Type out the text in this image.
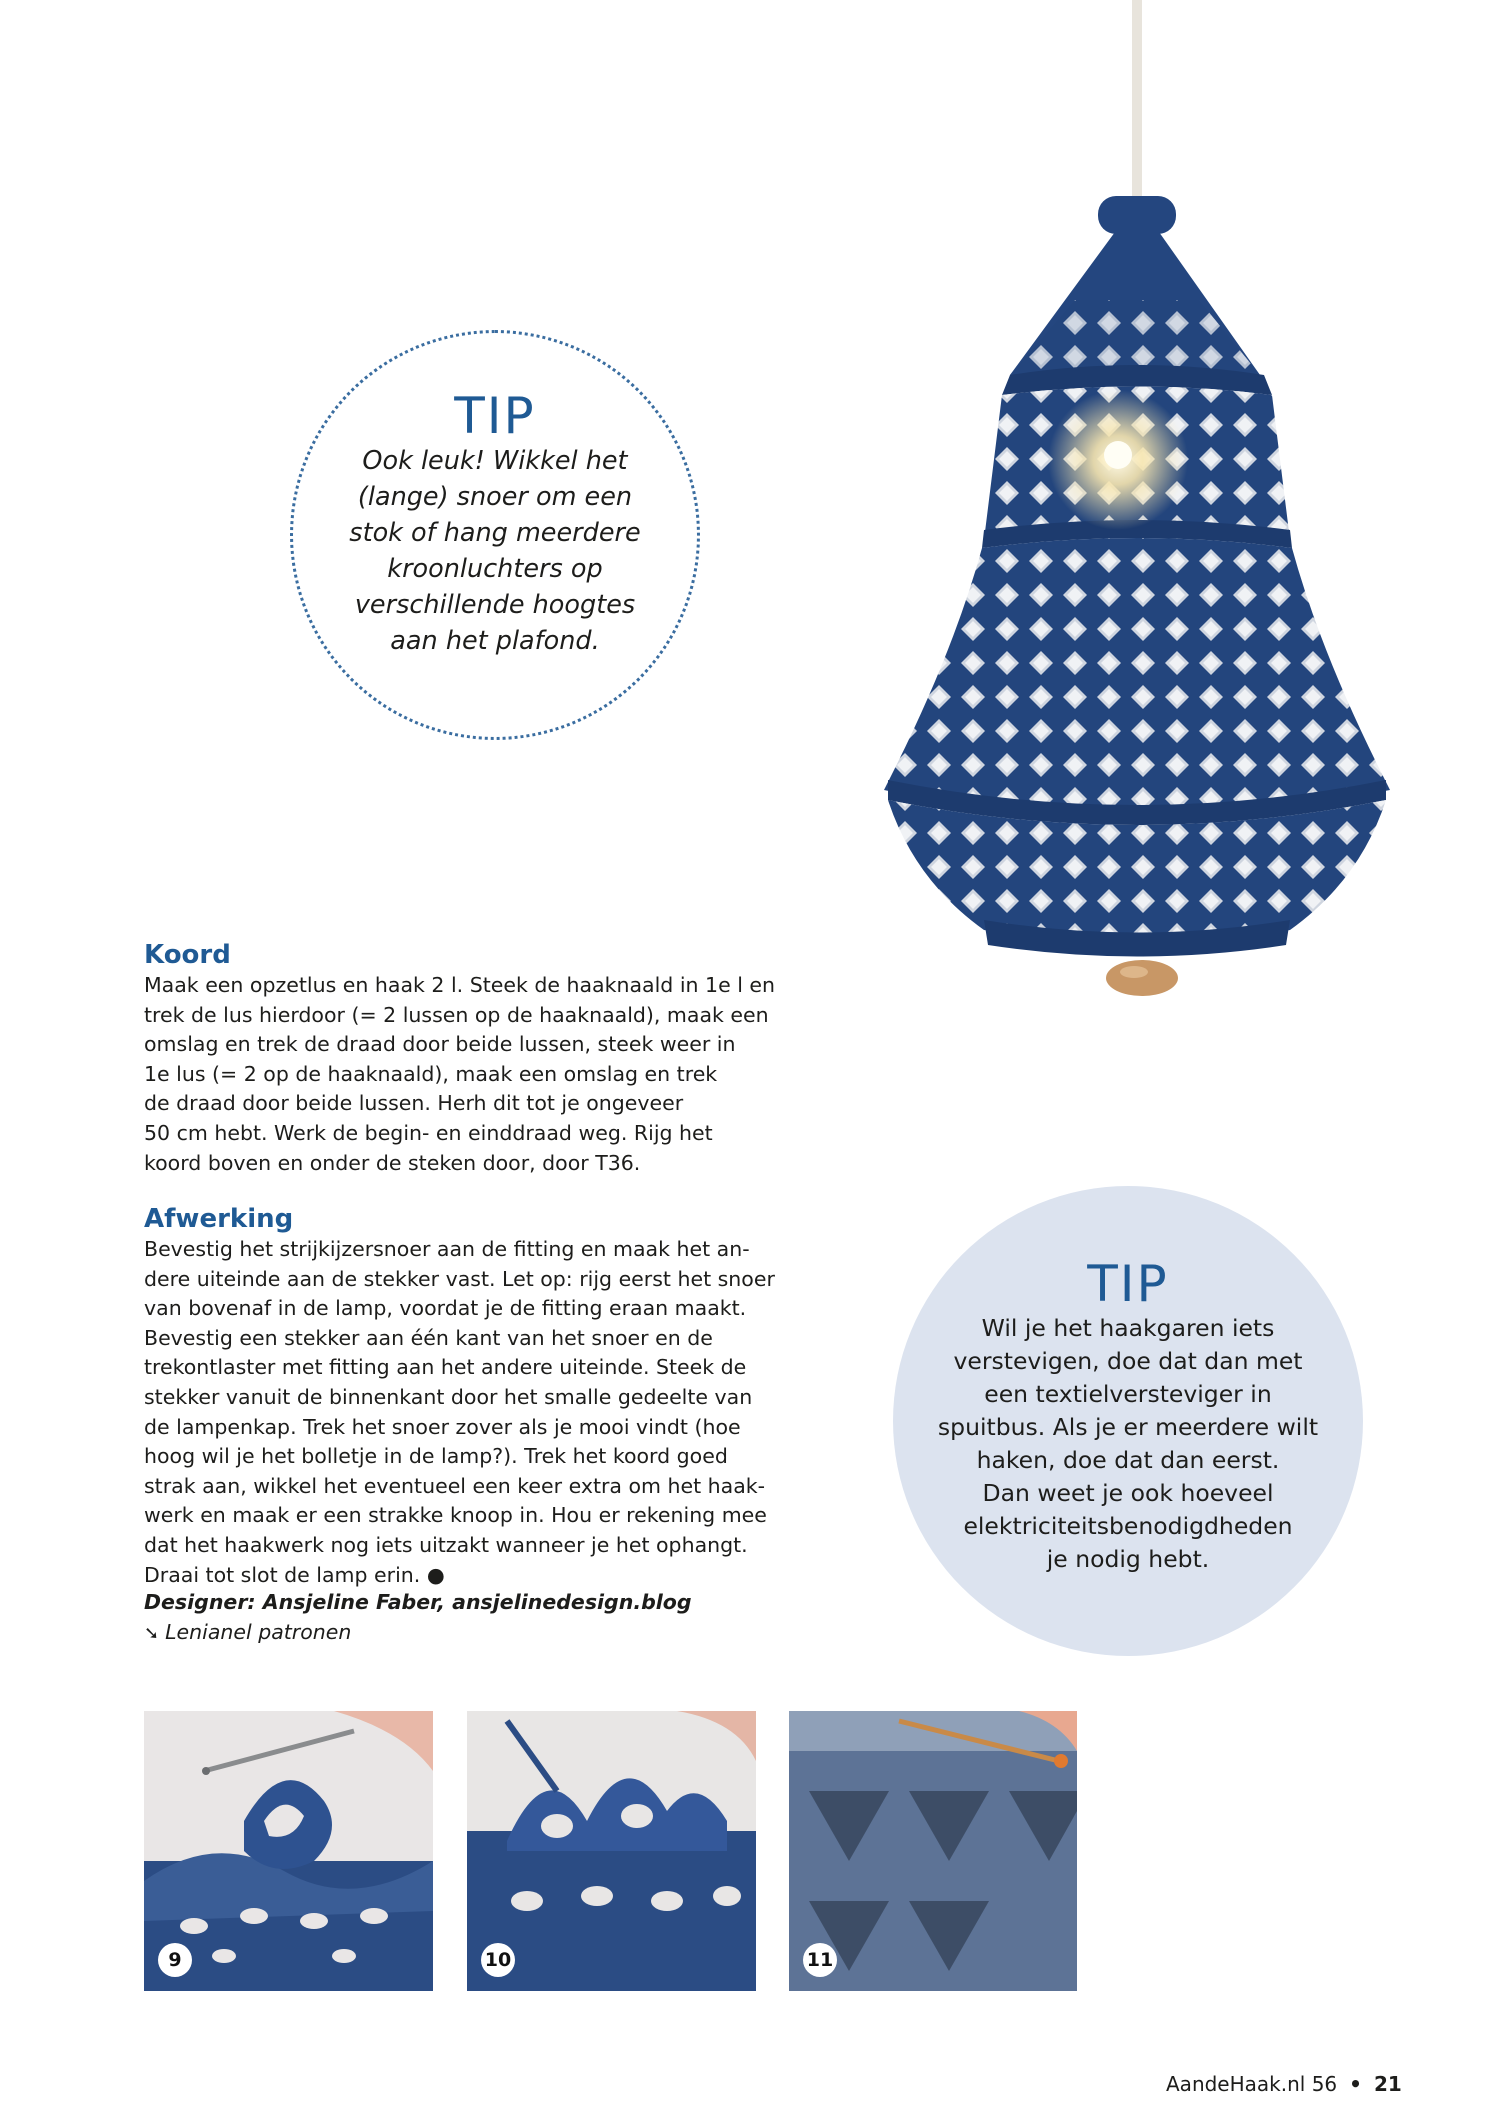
TIP
Ook leuk! Wikkel het
(lange) snoer om een
stok of hang meerdere
kroonluchters op
verschillende hoogtes
aan het plafond.
Koord
Maak een opzetlus en haak 2 l. Steek de haaknaald in 1e l en
trek de lus hierdoor (= 2 lussen op de haaknaald), maak een
omslag en trek de draad door beide lussen, steek weer in
1e lus (= 2 op de haaknaald), maak een omslag en trek
de draad door beide lussen. Herh dit tot je ongeveer
50 cm hebt. Werk de begin- en einddraad weg. Rijg het
koord boven en onder de steken door, door T36.
Afwerking
Bevestig het strijkijzersnoer aan de fitting en maak het an-
dere uiteinde aan de stekker vast. Let op: rijg eerst het snoer
van bovenaf in de lamp, voordat je de fitting eraan maakt.
Bevestig een stekker aan één kant van het snoer en de
trekontlaster met fitting aan het andere uiteinde. Steek de
stekker vanuit de binnenkant door het smalle gedeelte van
de lampenkap. Trek het snoer zover als je mooi vindt (hoe
hoog wil je het bolletje in de lamp?). Trek het koord goed
strak aan, wikkel het eventueel een keer extra om het haak-
werk en maak er een strakke knoop in. Hou er rekening mee
dat het haakwerk nog iets uitzakt wanneer je het ophangt.
Draai tot slot de lamp erin. ●
Designer: Ansjeline Faber, ansjelinedesign.blog
➘ Lenianel patronen
TIP
Wil je het haakgaren iets
verstevigen, doe dat dan met
een textielversteviger in
spuitbus. Als je er meerdere wilt
haken, doe dat dan eerst.
Dan weet je ook hoeveel
elektriciteitsbenodigdheden
je nodig hebt.
9	10	11
AandeHaak.nl 56 • 21
